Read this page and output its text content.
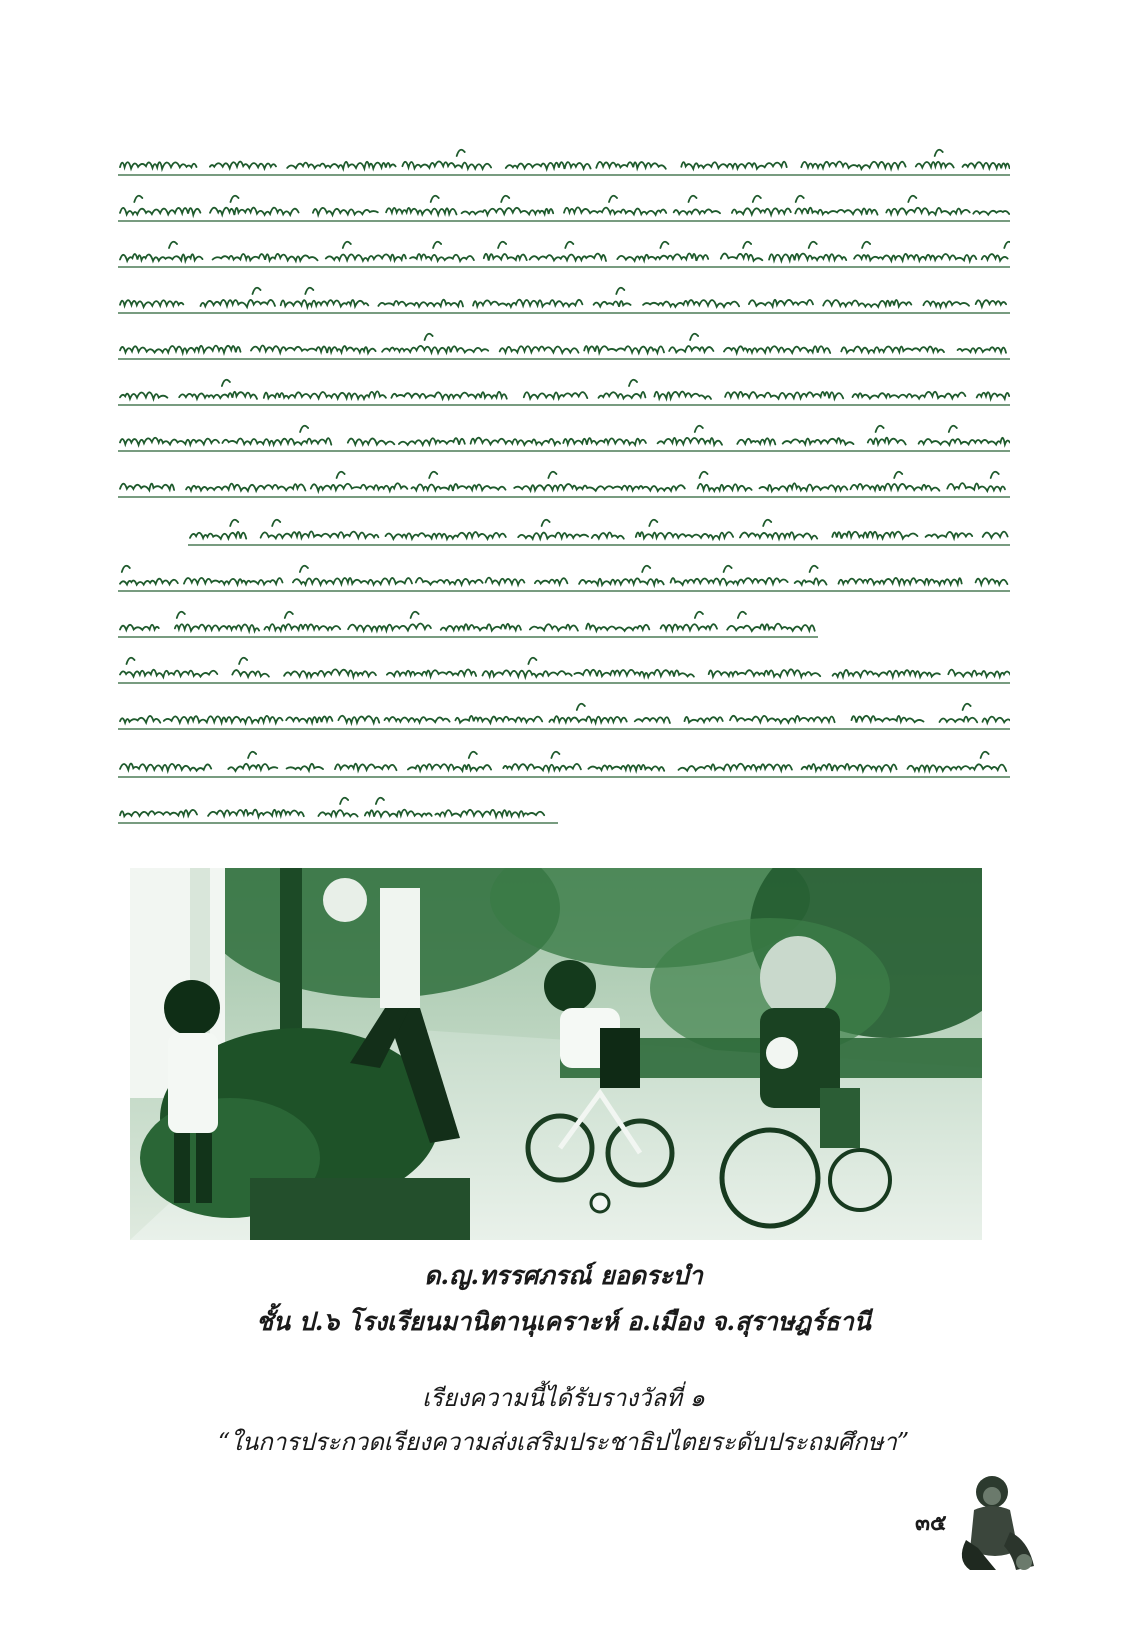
ด.ญ.ทรรศภรณ์ ยอดระบำ
ชั้น ป.๖ โรงเรียนมานิตานุเคราะห์ อ.เมือง จ.สุราษฎร์ธานี
เรียงความนี้ได้รับรางวัลที่ ๑
“ในการประกวดเรียงความส่งเสริมประชาธิปไตยระดับประถมศึกษา”
๓๕
